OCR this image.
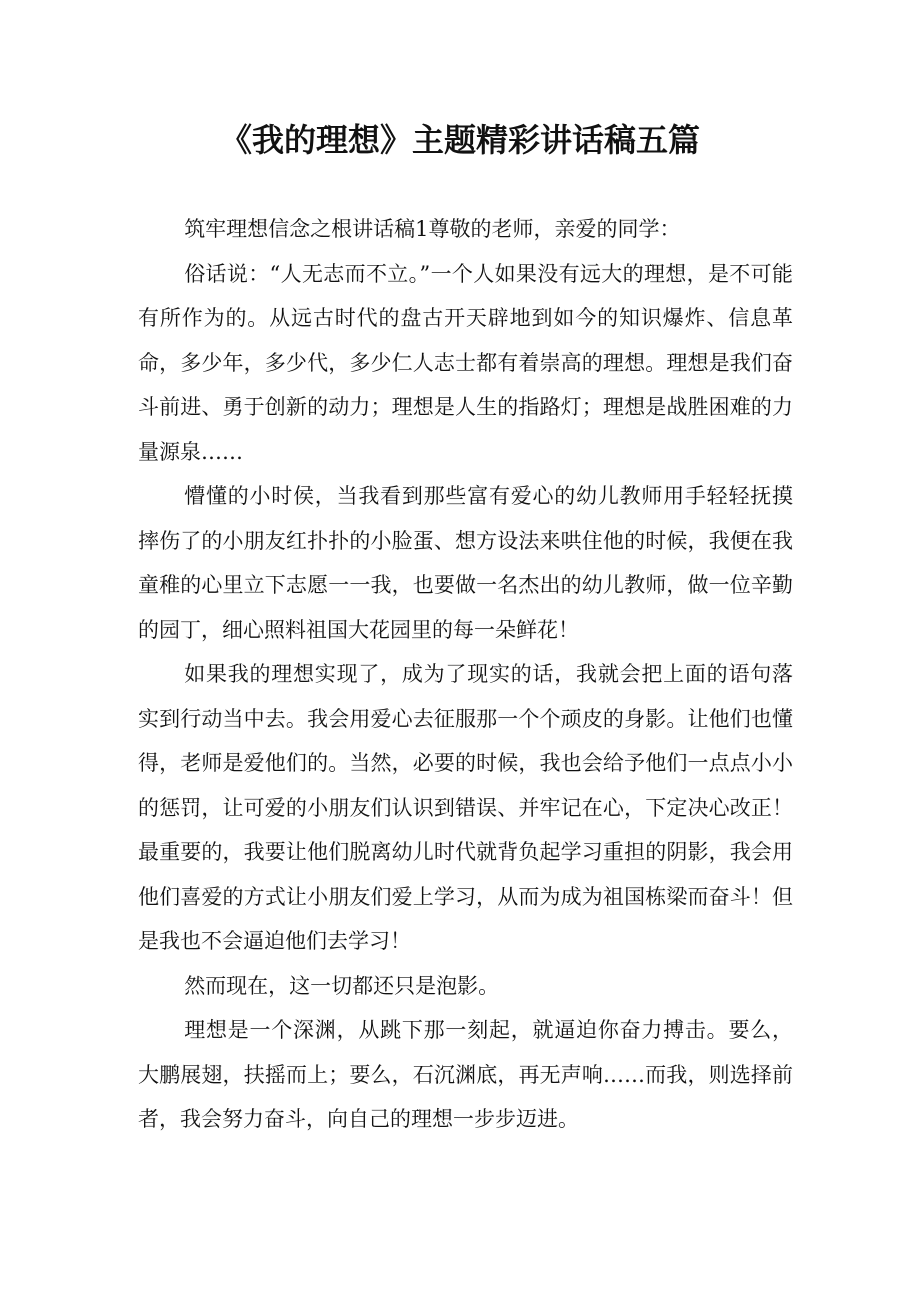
《我的理想》主题精彩讲话稿五篇

筑牢理想信念之根讲话稿1尊敬的老师，亲爱的同学：

俗话说：“人无志而不立。”一个人如果没有远大的理想，是不可能有所作为的。从远古时代的盘古开天辟地到如今的知识爆炸、信息革命，多少年，多少代，多少仁人志士都有着崇高的理想。理想是我们奋斗前进、勇于创新的动力；理想是人生的指路灯；理想是战胜困难的力量源泉……

懵懂的小时侯，当我看到那些富有爱心的幼儿教师用手轻轻抚摸摔伤了的小朋友红扑扑的小脸蛋、想方设法来哄住他的时候，我便在我童稚的心里立下志愿一一我，也要做一名杰出的幼儿教师，做一位辛勤的园丁，细心照料祖国大花园里的每一朵鲜花！

如果我的理想实现了，成为了现实的话，我就会把上面的语句落实到行动当中去。我会用爱心去征服那一个个顽皮的身影。让他们也懂得，老师是爱他们的。当然，必要的时候，我也会给予他们一点点小小的惩罚，让可爱的小朋友们认识到错误、并牢记在心，下定决心改正！最重要的，我要让他们脱离幼儿时代就背负起学习重担的阴影，我会用他们喜爱的方式让小朋友们爱上学习，从而为成为祖国栋梁而奋斗！但是我也不会逼迫他们去学习！

然而现在，这一切都还只是泡影。

理想是一个深渊，从跳下那一刻起，就逼迫你奋力搏击。要么，大鹏展翅，扶摇而上；要么，石沉渊底，再无声响……而我，则选择前者，我会努力奋斗，向自己的理想一步步迈进。
